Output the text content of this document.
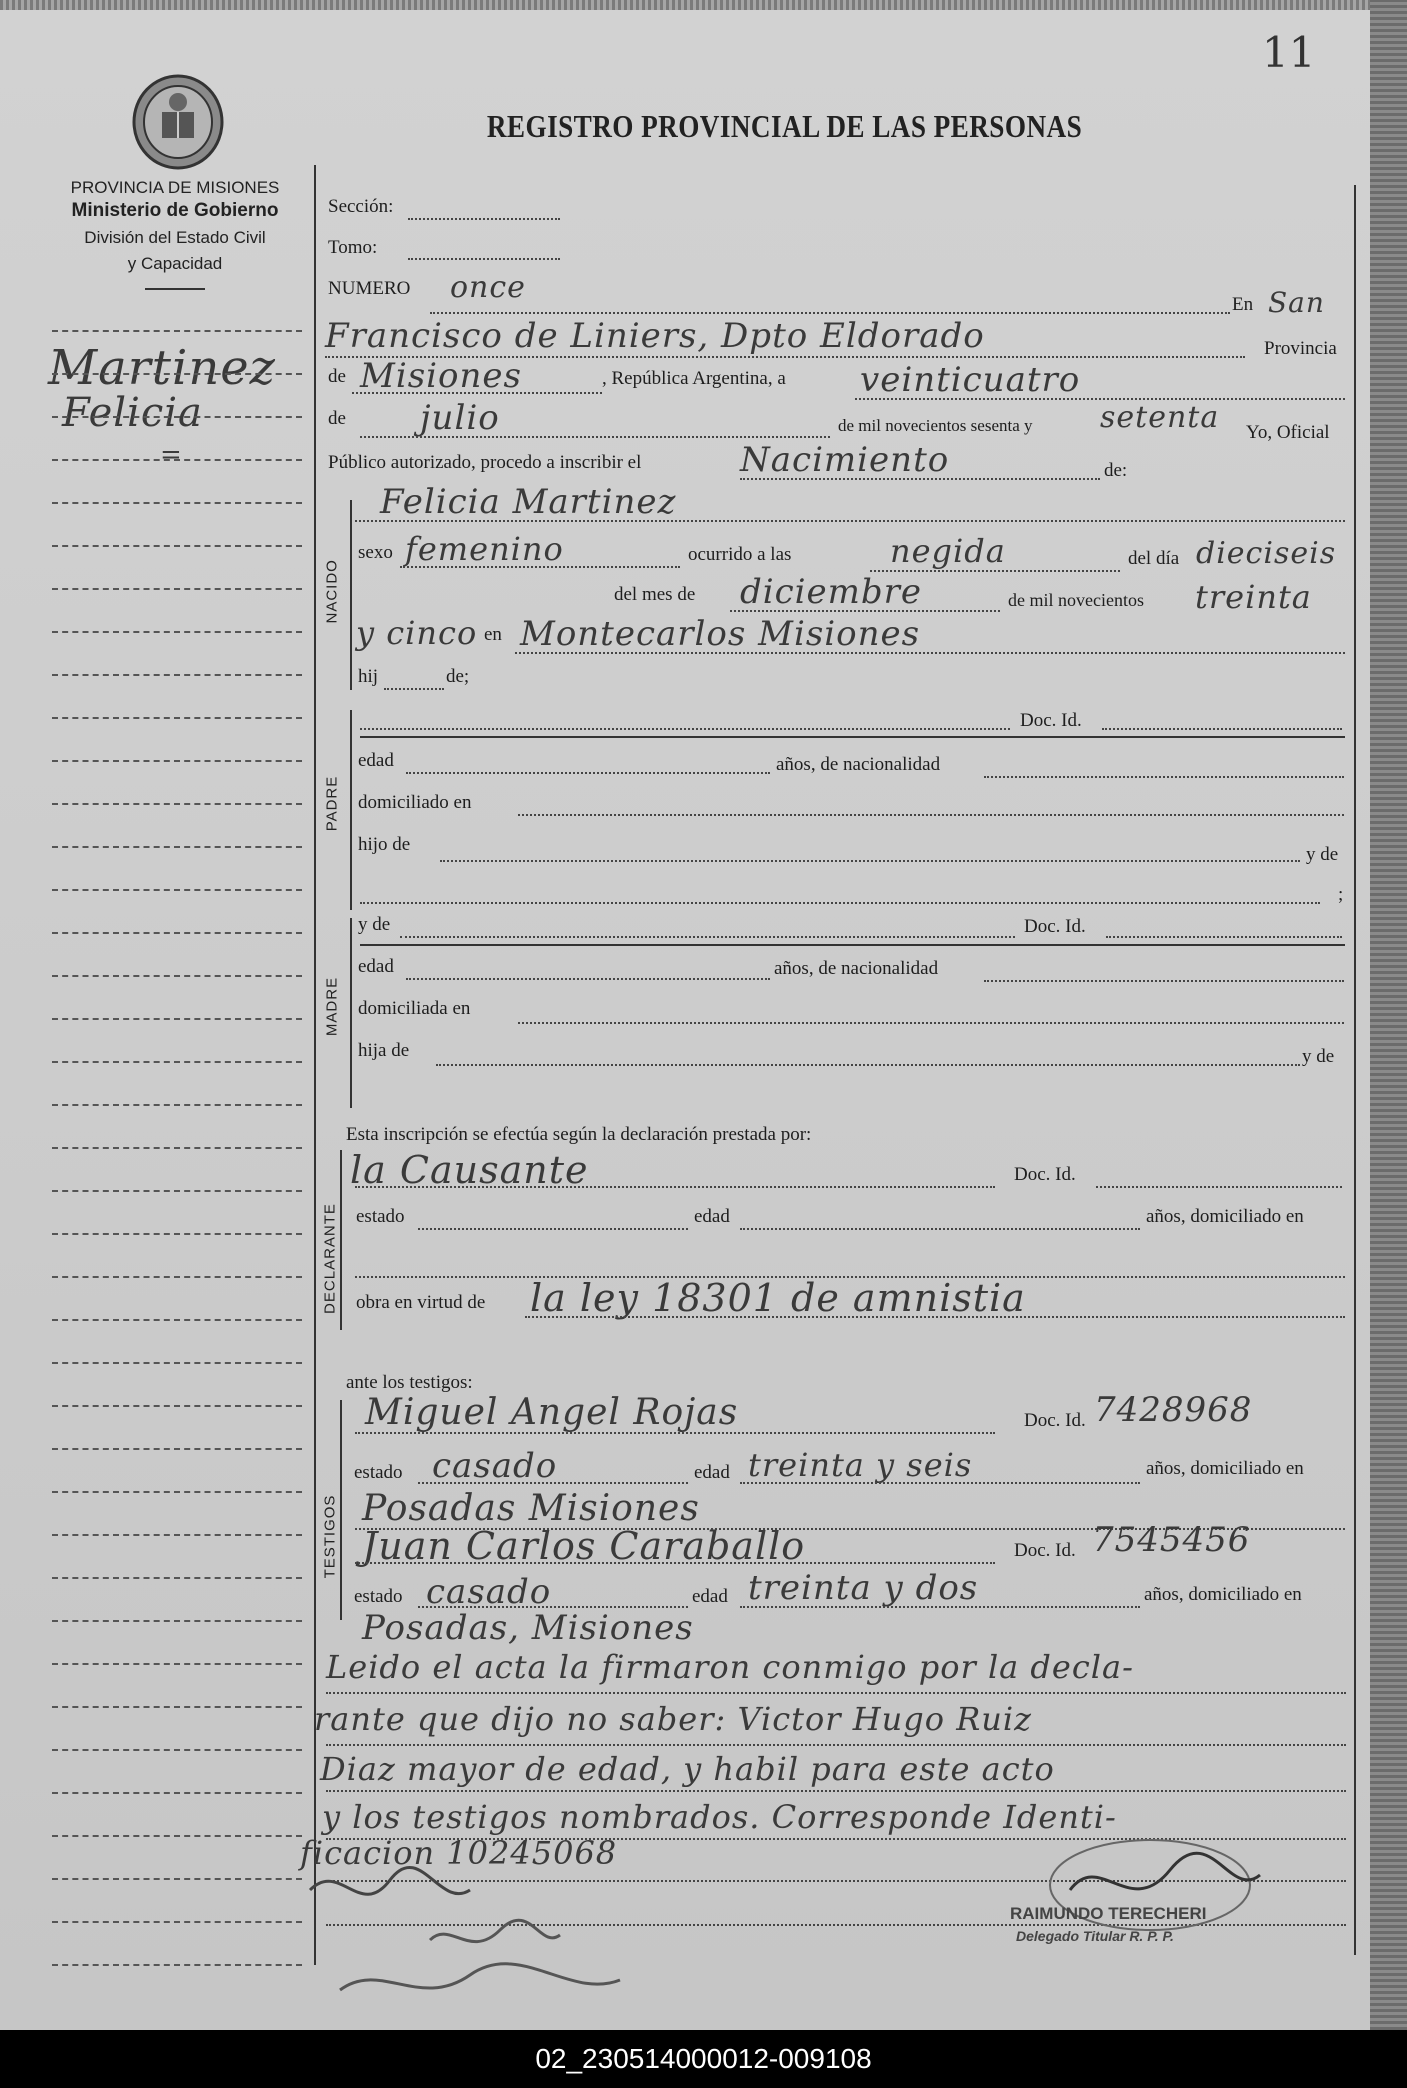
11
PROVINCIA DE MISIONES
Ministerio de Gobierno
División del Estado Civil
y Capacidad
REGISTRO PROVINCIAL DE LAS PERSONAS
Martinez
Felicia
=
Sección:
Tomo:
NUMERO once	En San
Francisco de Liniers, Dpto Eldorado	Provincia
de Misiones	, República Argentina, a veinticuatro
de julio	de mil novecientos sesenta y setenta Yo, Oficial
Público autorizado, procedo a inscribir el	Nacimiento	de:
NACIDO
Felicia Martinez
sexo femenino	ocurrido a las	negida	del día dieciseis
del mes de diciembre	de mil novecientos treinta
y cinco en Montecarlos Misiones
hij	de;
PADRE
Doc. Id.
edad	años, de nacionalidad
domiciliado en
hijo de	y de
;
MADRE
y de	Doc. Id.
edad	años, de nacionalidad
domiciliada en
hija de	y de
Esta inscripción se efectúa según la declaración prestada por:
DECLARANTE
la Causante	Doc. Id.
estado	edad	años, domiciliado en
obra en virtud de la ley 18301 de amnistia
ante los testigos:
TESTIGOS
Miguel Angel Rojas	Doc. Id. 7428968
estado casado	edad treinta y seis	años, domiciliado en
Posadas Misiones
Juan Carlos Caraballo	Doc. Id. 7545456
estado casado	edad treinta y dos	años, domiciliado en
Posadas, Misiones
Leido el acta la firmaron conmigo por la decla-
rante que dijo no saber: Victor Hugo Ruiz
Diaz mayor de edad, y habil para este acto
y los testigos nombrados. Corresponde Identi-
ficacion 10245068
RAIMUNDO TERECHERI
Delegado Titular R. P. P.
02_230514000012-009108
